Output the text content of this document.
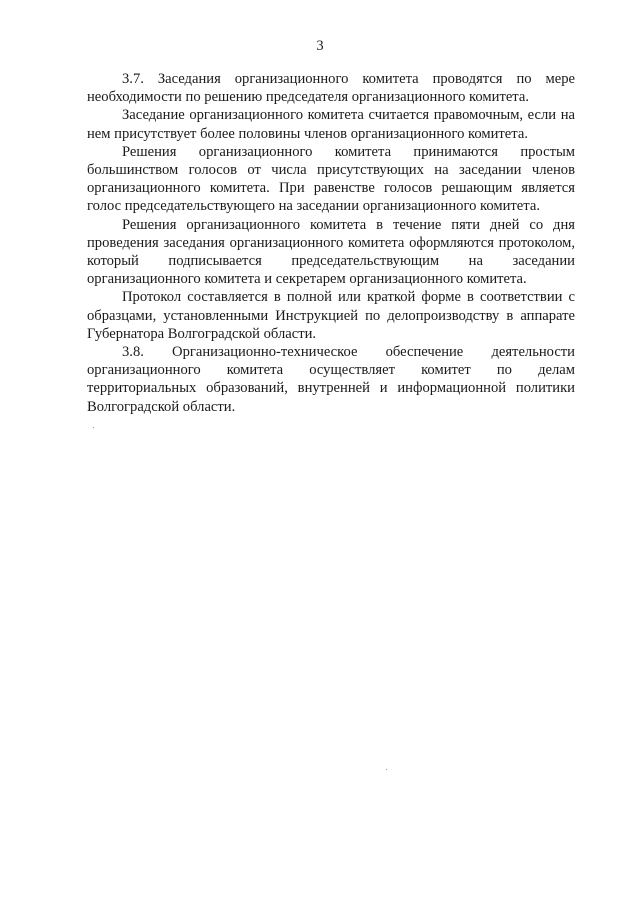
3

3.7. Заседания организационного комитета проводятся по мере необходимости по решению председателя организационного комитета.

Заседание организационного комитета считается правомочным, если на нем присутствует более половины членов организационного комитета.

Решения организационного комитета принимаются простым большинством голосов от числа присутствующих на заседании членов организационного комитета. При равенстве голосов решающим является голос председательствующего на заседании организационного комитета.

Решения организационного комитета в течение пяти дней со дня проведения заседания организационного комитета оформляются протоколом, который подписывается председательствующим на заседании организационного комитета и секретарем организационного комитета.

Протокол составляется в полной или краткой форме в соответствии с образцами, установленными Инструкцией по делопроизводству в аппарате Губернатора Волгоградской области.

3.8. Организационно-техническое обеспечение деятельности организационного комитета осуществляет комитет по делам территориальных образований, внутренней и информационной политики Волгоградской области.
